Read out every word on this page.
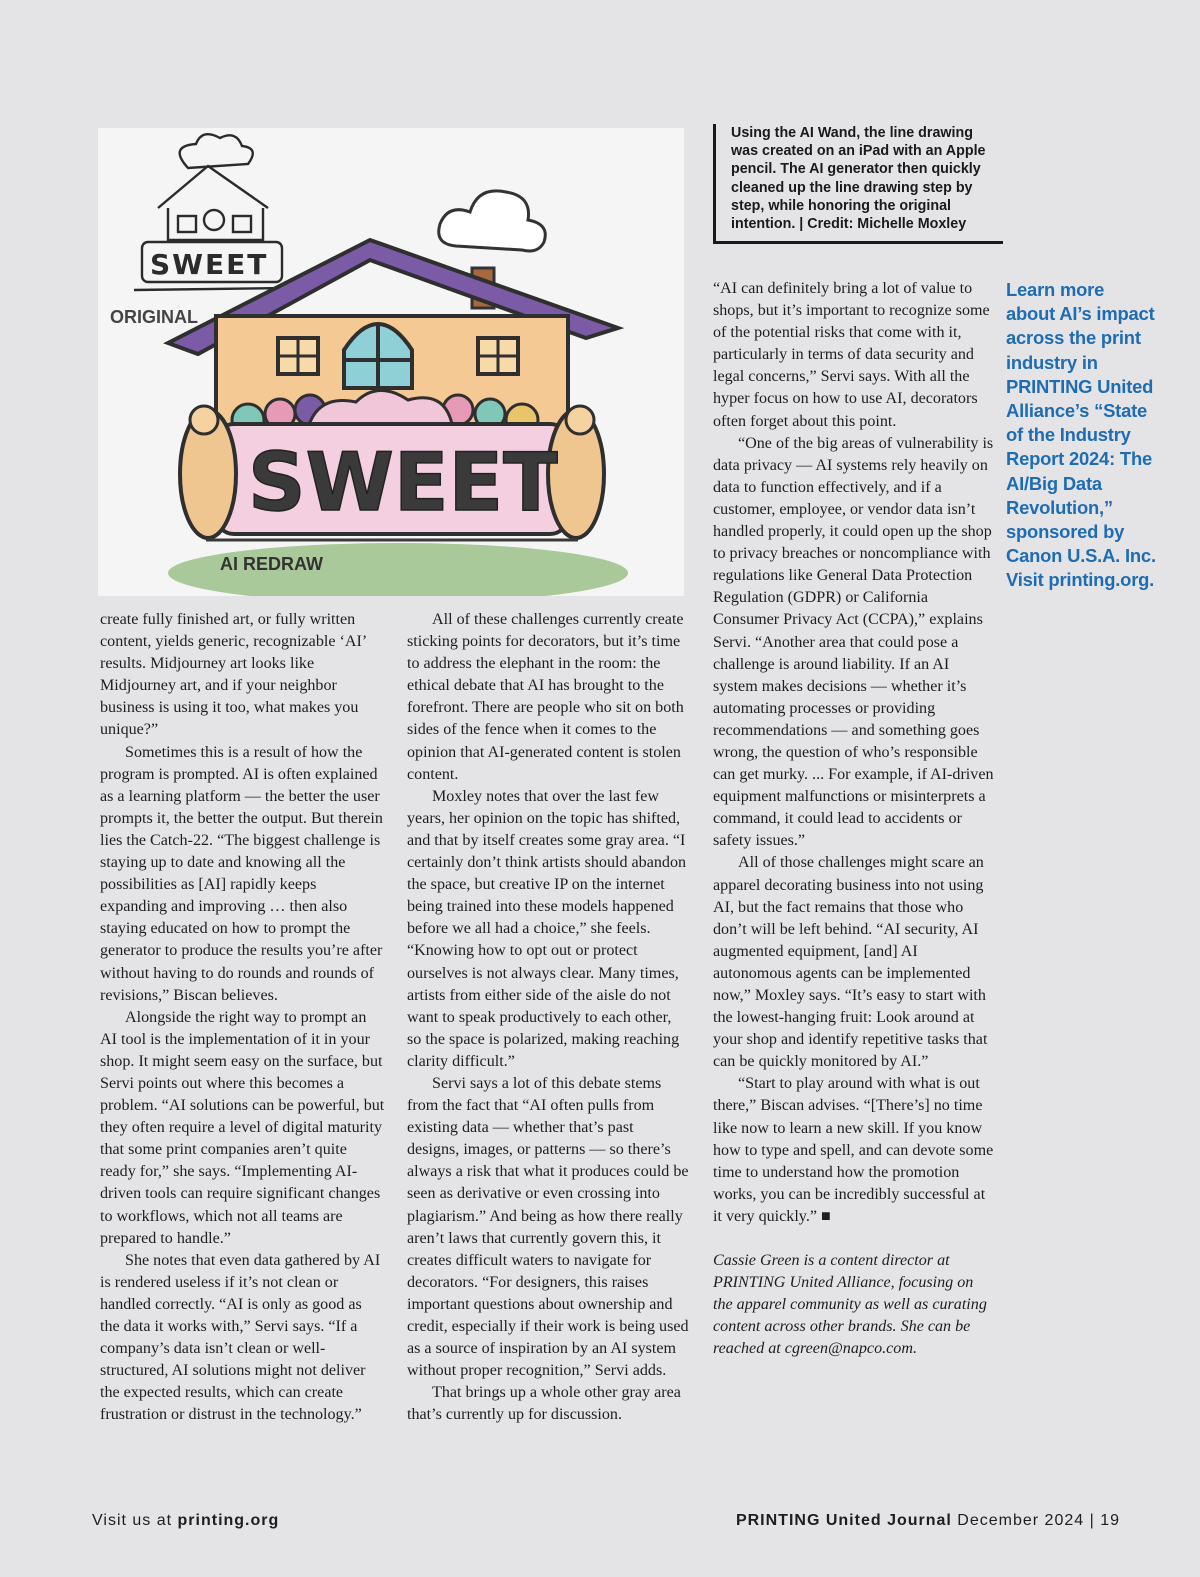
SWEET
ORIGINAL
SWEET
AI REDRAW
Using the AI Wand, the line drawing was created on an iPad with an Apple pencil. The AI generator then quickly cleaned up the line drawing step by step, while honoring the original intention. | Credit: Michelle Moxley

create fully finished art, or fully written content, yields generic, recognizable ‘AI’ results. Midjourney art looks like Midjourney art, and if your neighbor business is using it too, what makes you unique?”

Sometimes this is a result of how the program is prompted. AI is often explained as a learning platform — the better the user prompts it, the better the output. But therein lies the Catch-22. “The biggest challenge is staying up to date and knowing all the possibilities as [AI] rapidly keeps expanding and improving … then also staying educated on how to prompt the generator to produce the results you’re after without having to do rounds and rounds of revisions,” Biscan believes.

Alongside the right way to prompt an AI tool is the implementation of it in your shop. It might seem easy on the surface, but Servi points out where this becomes a problem. “AI solutions can be powerful, but they often require a level of digital maturity that some print companies aren’t quite ready for,” she says. “Implementing AI-driven tools can require significant changes to workflows, which not all teams are prepared to handle.”

She notes that even data gathered by AI is rendered useless if it’s not clean or handled correctly. “AI is only as good as the data it works with,” Servi says. “If a company’s data isn’t clean or well-structured, AI solutions might not deliver the expected results, which can create frustration or distrust in the technology.”

All of these challenges currently create sticking points for decorators, but it’s time to address the elephant in the room: the ethical debate that AI has brought to the forefront. There are people who sit on both sides of the fence when it comes to the opinion that AI-generated content is stolen content.

Moxley notes that over the last few years, her opinion on the topic has shifted, and that by itself creates some gray area. “I certainly don’t think artists should abandon the space, but creative IP on the internet being trained into these models happened before we all had a choice,” she feels. “Knowing how to opt out or protect ourselves is not always clear. Many times, artists from either side of the aisle do not want to speak productively to each other, so the space is polarized, making reaching clarity difficult.”

Servi says a lot of this debate stems from the fact that “AI often pulls from existing data — whether that’s past designs, images, or patterns — so there’s always a risk that what it produces could be seen as derivative or even crossing into plagiarism.” And being as how there really aren’t laws that currently govern this, it creates difficult waters to navigate for decorators. “For designers, this raises important questions about ownership and credit, especially if their work is being used as a source of inspiration by an AI system without proper recognition,” Servi adds.

That brings up a whole other gray area that’s currently up for discussion.

“AI can definitely bring a lot of value to shops, but it’s important to recognize some of the potential risks that come with it, particularly in terms of data security and legal concerns,” Servi says. With all the hyper focus on how to use AI, decorators often forget about this point.

“One of the big areas of vulnerability is data privacy — AI systems rely heavily on data to function effectively, and if a customer, employee, or vendor data isn’t handled properly, it could open up the shop to privacy breaches or noncompliance with regulations like General Data Protection Regulation (GDPR) or California Consumer Privacy Act (CCPA),” explains Servi. “Another area that could pose a challenge is around liability. If an AI system makes decisions — whether it’s automating processes or providing recommendations — and something goes wrong, the question of who’s responsible can get murky. ... For example, if AI-driven equipment malfunctions or misinterprets a command, it could lead to accidents or safety issues.”

All of those challenges might scare an apparel decorating business into not using AI, but the fact remains that those who don’t will be left behind. “AI security, AI augmented equipment, [and] AI autonomous agents can be implemented now,” Moxley says. “It’s easy to start with the lowest-hanging fruit: Look around at your shop and identify repetitive tasks that can be quickly monitored by AI.”

“Start to play around with what is out there,” Biscan advises. “[There’s] no time like now to learn a new skill. If you know how to type and spell, and can devote some time to understand how the promotion works, you can be incredibly successful at it very quickly.” ■

Cassie Green is a content director at PRINTING United Alliance, focusing on the apparel community as well as curating content across other brands. She can be reached at cgreen@napco.com.

Learn more about AI’s impact across the print industry in PRINTING United Alliance’s “State of the Industry Report 2024: The AI/Big Data Revolution,” sponsored by Canon U.S.A. Inc. Visit printing.org.
Visit us at printing.org	PRINTING United Journal December 2024 | 19
